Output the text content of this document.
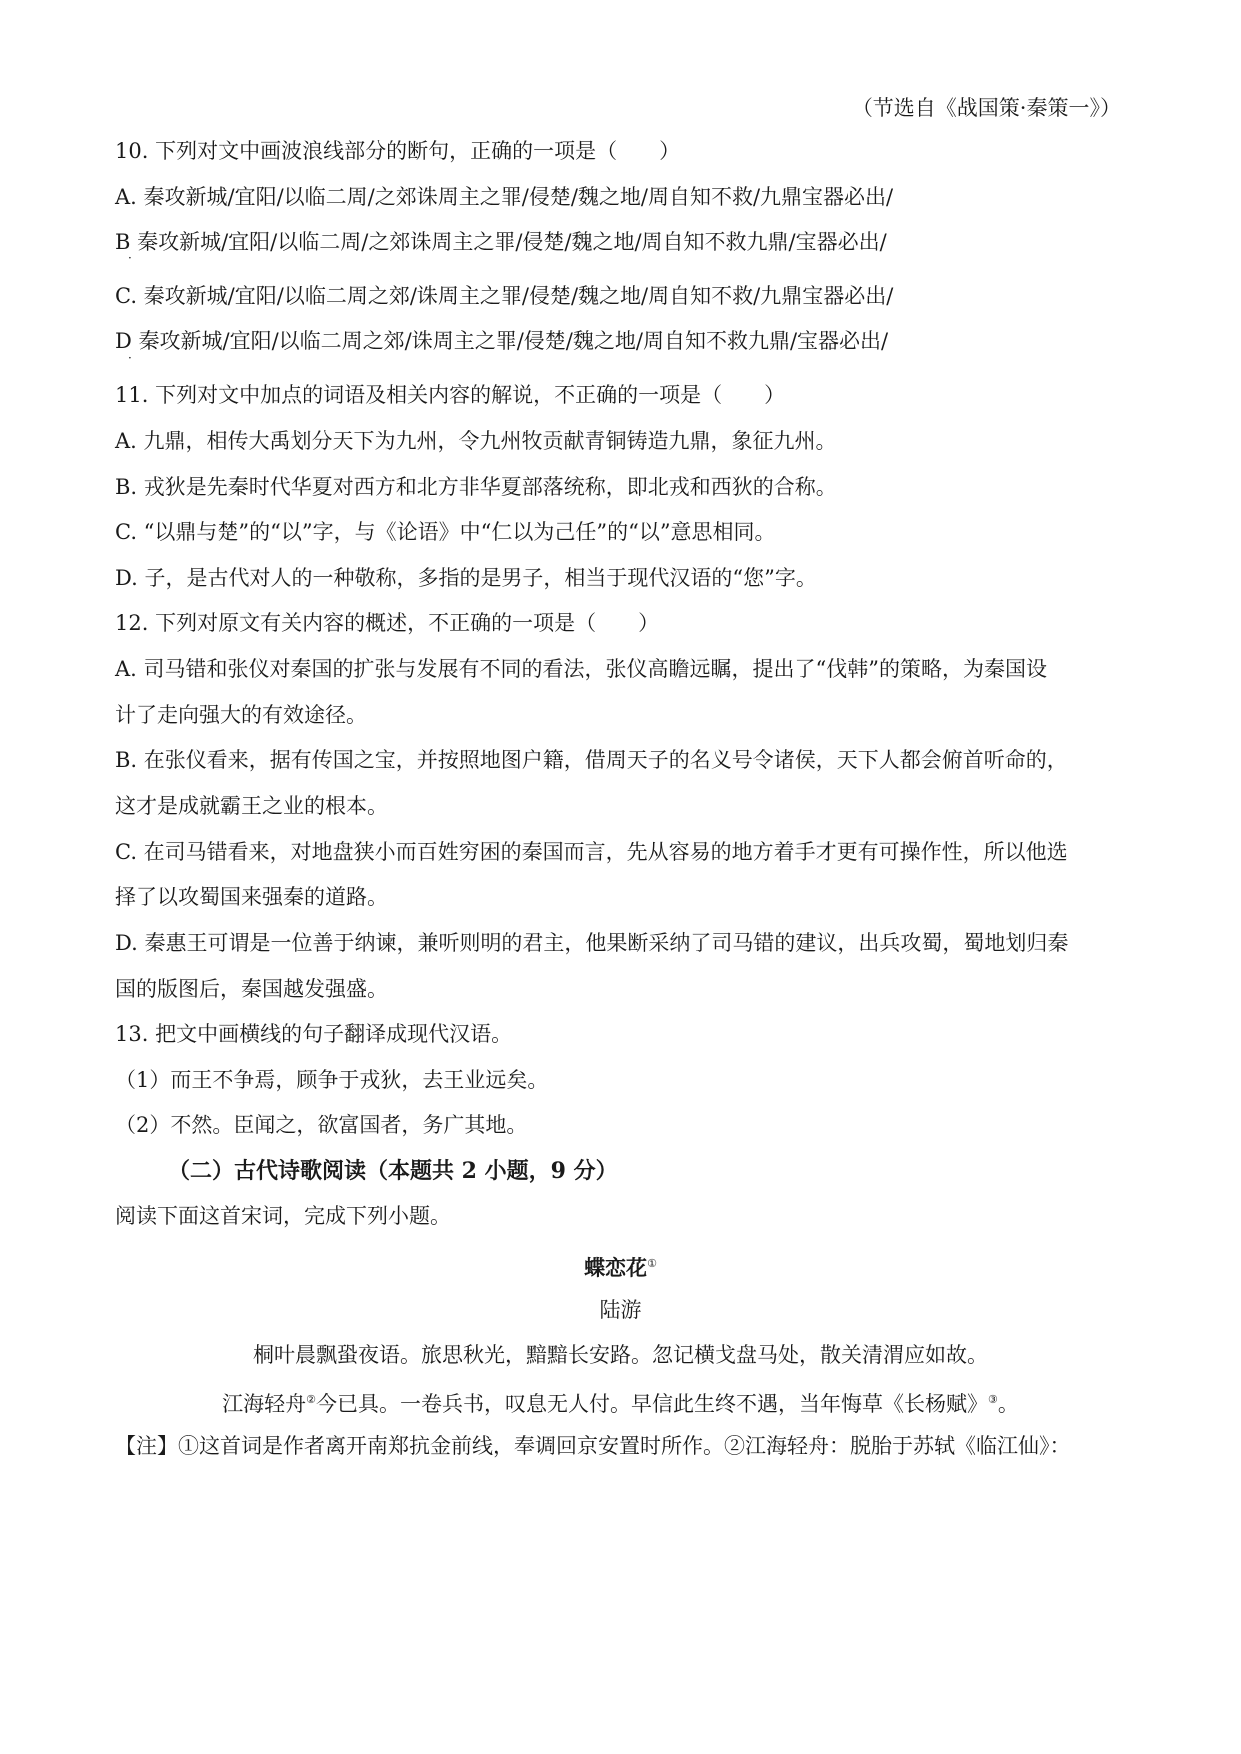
（节选自《战国策·秦策一》）
10. 下列对文中画波浪线部分的断句，正确的一项是（　　）
A. 秦攻新城/宜阳/以临二周/之郊诛周主之罪/侵楚/魏之地/周自知不救/九鼎宝器必出/
B 秦攻新城/宜阳/以临二周/之郊诛周主之罪/侵楚/魏之地/周自知不救九鼎/宝器必出/
·
C. 秦攻新城/宜阳/以临二周之郊/诛周主之罪/侵楚/魏之地/周自知不救/九鼎宝器必出/
D 秦攻新城/宜阳/以临二周之郊/诛周主之罪/侵楚/魏之地/周自知不救九鼎/宝器必出/
·
11. 下列对文中加点的词语及相关内容的解说，不正确的一项是（　　）
A. 九鼎，相传大禹划分天下为九州，令九州牧贡献青铜铸造九鼎，象征九州。
B. 戎狄是先秦时代华夏对西方和北方非华夏部落统称，即北戎和西狄的合称。
C. “以鼎与楚”的“以”字，与《论语》中“仁以为己任”的“以”意思相同。
D. 子，是古代对人的一种敬称，多指的是男子，相当于现代汉语的“您”字。
12. 下列对原文有关内容的概述，不正确的一项是（　　）
A. 司马错和张仪对秦国的扩张与发展有不同的看法，张仪高瞻远瞩，提出了“伐韩”的策略，为秦国设
计了走向强大的有效途径。
B. 在张仪看来，据有传国之宝，并按照地图户籍，借周天子的名义号令诸侯，天下人都会俯首听命的，
这才是成就霸王之业的根本。
C. 在司马错看来，对地盘狭小而百姓穷困的秦国而言，先从容易的地方着手才更有可操作性，所以他选
择了以攻蜀国来强秦的道路。
D. 秦惠王可谓是一位善于纳谏，兼听则明的君主，他果断采纳了司马错的建议，出兵攻蜀，蜀地划归秦
国的版图后，秦国越发强盛。
13. 把文中画横线的句子翻译成现代汉语。
（1）而王不争焉，顾争于戎狄，去王业远矣。
（2）不然。臣闻之，欲富国者，务广其地。
（二）古代诗歌阅读（本题共 2 小题，9 分）
阅读下面这首宋词，完成下列小题。
蝶恋花①
陆游
桐叶晨飘蛩夜语。旅思秋光，黯黯长安路。忽记横戈盘马处，散关清渭应如故。
江海轻舟②今已具。一卷兵书，叹息无人付。早信此生终不遇，当年悔草《长杨赋》③。
【注】①这首词是作者离开南郑抗金前线，奉调回京安置时所作。②江海轻舟：脱胎于苏轼《临江仙》：
